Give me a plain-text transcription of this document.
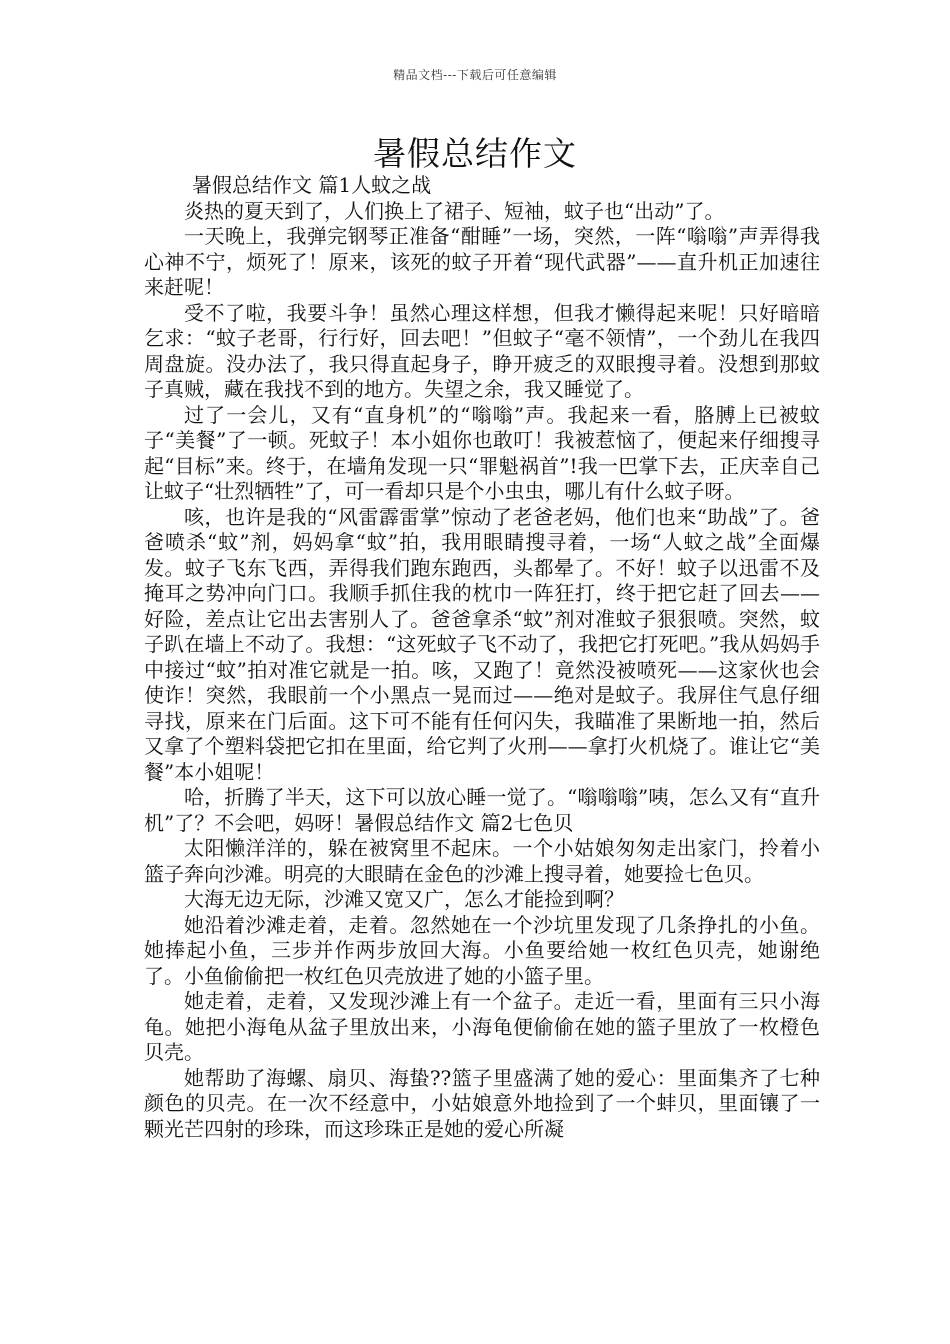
精品文档---下载后可任意编辑
暑假总结作文

暑假总结作文 篇1人蚊之战

炎热的夏天到了，人们换上了裙子、短袖，蚊子也“出动”了。

一天晚上，我弹完钢琴正准备“酣睡”一场，突然，一阵“嗡嗡”声弄得我心神不宁，烦死了！原来，该死的蚊子开着“现代武器”——直升机正加速往来赶呢！

受不了啦，我要斗争！虽然心理这样想，但我才懒得起来呢！只好暗暗乞求：“蚊子老哥，行行好，回去吧！”但蚊子“毫不领情”，一个劲儿在我四周盘旋。没办法了，我只得直起身子，睁开疲乏的双眼搜寻着。没想到那蚊子真贼，藏在我找不到的地方。失望之余，我又睡觉了。

过了一会儿，又有“直身机”的“嗡嗡”声。我起来一看，胳膊上已被蚊子“美餐”了一顿。死蚊子！本小姐你也敢叮！我被惹恼了，便起来仔细搜寻起“目标”来。终于，在墙角发现一只“罪魁祸首”!我一巴掌下去，正庆幸自己让蚊子“壮烈牺牲”了，可一看却只是个小虫虫，哪儿有什么蚊子呀。

咳，也许是我的“风雷霹雷掌”惊动了老爸老妈，他们也来“助战”了。爸爸喷杀“蚊”剂，妈妈拿“蚊”拍，我用眼睛搜寻着，一场“人蚊之战”全面爆发。蚊子飞东飞西，弄得我们跑东跑西，头都晕了。不好！蚊子以迅雷不及掩耳之势冲向门口。我顺手抓住我的枕巾一阵狂打，终于把它赶了回去——好险，差点让它出去害别人了。爸爸拿杀“蚊”剂对准蚊子狠狠喷。突然，蚊子趴在墙上不动了。我想：“这死蚊子飞不动了，我把它打死吧。”我从妈妈手中接过“蚊”拍对准它就是一拍。咳，又跑了！竟然没被喷死——这家伙也会使诈！突然，我眼前一个小黑点一晃而过——绝对是蚊子。我屏住气息仔细寻找，原来在门后面。这下可不能有任何闪失，我瞄准了果断地一拍，然后又拿了个塑料袋把它扣在里面，给它判了火刑——拿打火机烧了。谁让它“美餐”本小姐呢！

哈，折腾了半天，这下可以放心睡一觉了。“嗡嗡嗡”咦，怎么又有“直升机”了？不会吧，妈呀！暑假总结作文 篇2七色贝

太阳懒洋洋的，躲在被窝里不起床。一个小姑娘匆匆走出家门，拎着小篮子奔向沙滩。明亮的大眼睛在金色的沙滩上搜寻着，她要捡七色贝。

大海无边无际，沙滩又宽又广，怎么才能捡到啊？

她沿着沙滩走着，走着。忽然她在一个沙坑里发现了几条挣扎的小鱼。她捧起小鱼，三步并作两步放回大海。小鱼要给她一枚红色贝壳，她谢绝了。小鱼偷偷把一枚红色贝壳放进了她的小篮子里。

她走着，走着，又发现沙滩上有一个盆子。走近一看，里面有三只小海龟。她把小海龟从盆子里放出来，小海龟便偷偷在她的篮子里放了一枚橙色贝壳。

她帮助了海螺、扇贝、海蛰??篮子里盛满了她的爱心：里面集齐了七种颜色的贝壳。在一次不经意中，小姑娘意外地捡到了一个蚌贝，里面镶了一颗光芒四射的珍珠，而这珍珠正是她的爱心所凝
